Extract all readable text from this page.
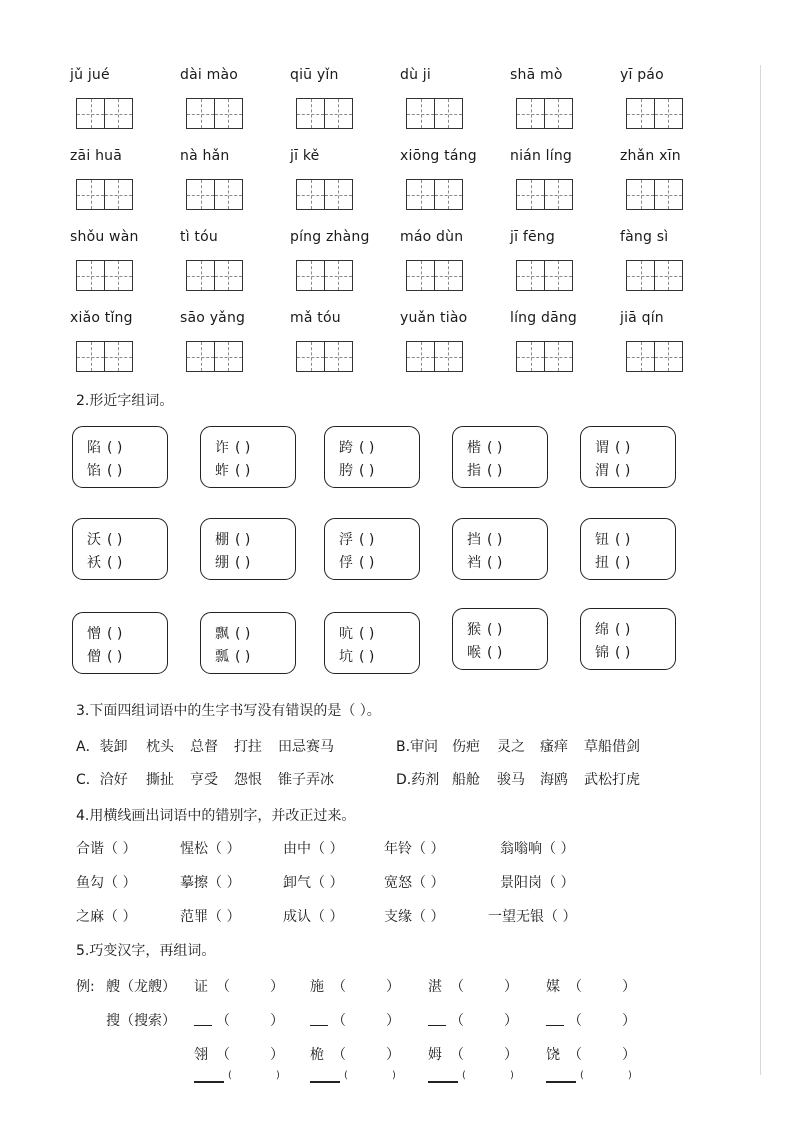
jǔ jué	dài mào	qiū yǐn	dù ji	shā mò	yī páo
zāi huā	nà hǎn	jī kě	xiōng táng	nián líng	zhǎn xīn
shǒu wàn	tì tóu	píng zhàng	máo dùn	jī fēng	fàng sì
xiǎo tǐng	sāo yǎng	mǎ tóu	yuǎn tiào	líng dāng	jiā qín
2.形近字组词。
陷 ( )
馅 ( )
诈 ( )
蚱 ( )
跨 ( )
胯 ( )
楷 ( )
指 ( )
谓 ( )
渭 ( )
沃 ( )
袄 ( )
棚 ( )
绷 ( )
浮 ( )
俘 ( )
挡 ( )
裆 ( )
钮 ( )
扭 ( )
憎 ( )
僧 ( )
飘 ( )
瓢 ( )
吭 ( )
坑 ( )
猴 ( )
喉 ( )
绵 ( )
锦 ( )
3.下面四组词语中的生字书写没有错误的是（ ）。
A．装卸 枕头 总督 打拄 田忌赛马	B.审问 伤疤 灵之 瘙痒 草船借剑
C．洽好 撕扯 亨受 怨恨 锥子弄冰	D.药剂 船舱 骏马 海鸥 武松打虎
4.用横线画出词语中的错别字，并改正过来。
合谐（ ）	惺松（ ）	由中（ ）	年铃（ ）	翁嗡响（ ）
鱼勾（ ）	摹擦（ ）	卸气（ ）	宽怒（ ）	景阳岗（ ）
之麻（ ）	范罪（ ）	成认（ ）	支缘（ ）	一望无银（ ）
5.巧变汉字，再组词。
例: 艘（龙艘）
搜（搜索）
证 （	） 施 （	） 湛 （	） 媒 （	）
（	）	（	）	（	）	（	）
翎 （	） 桅 （	） 姆 （	） 饶 （	）
(	)	(	)	(	)	(	)
